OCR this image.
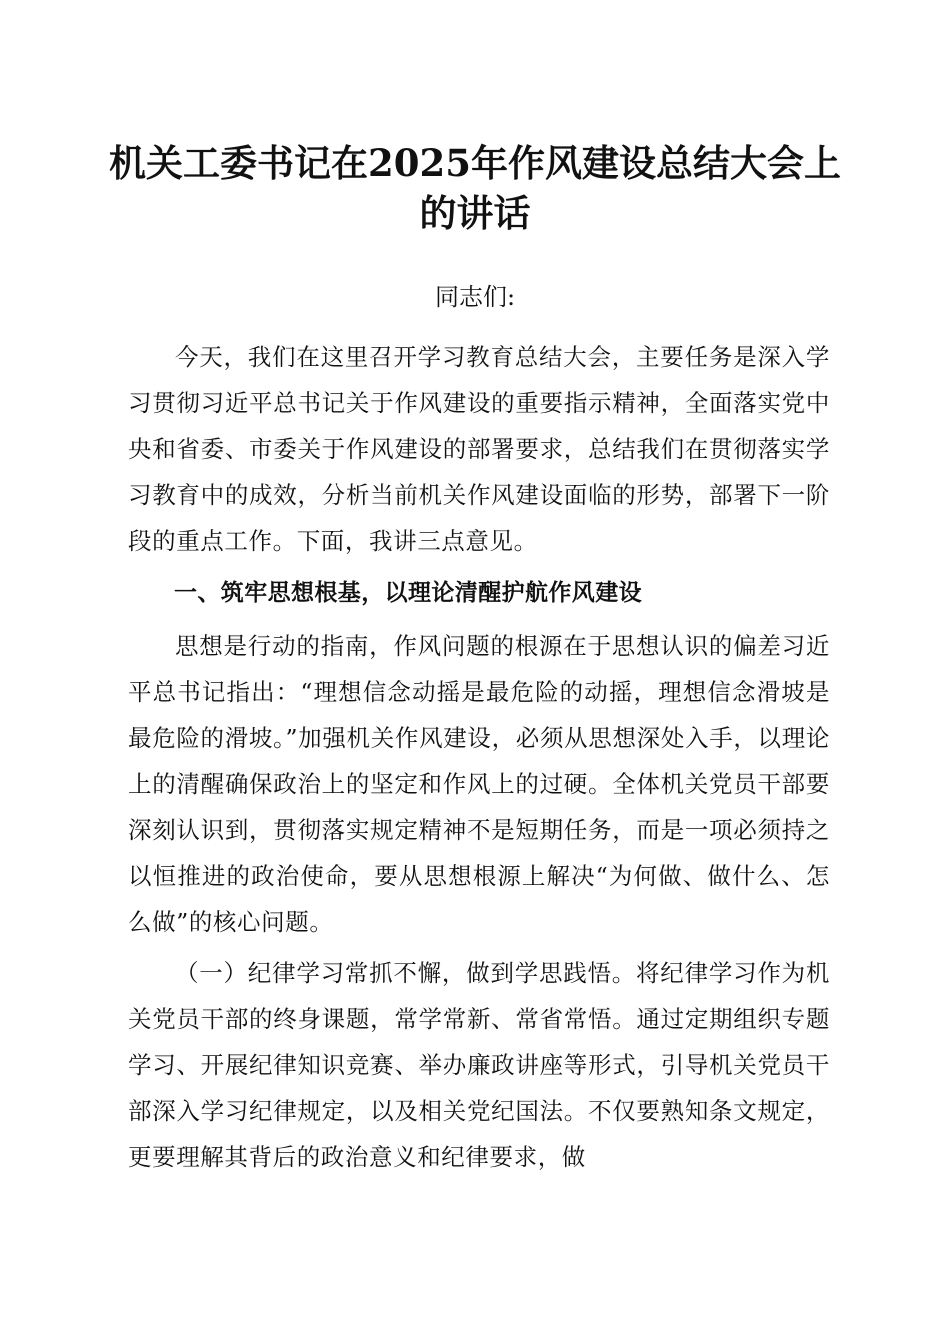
机关工委书记在2025年作风建设总结大会上的讲话

同志们:

今天，我们在这里召开学习教育总结大会，主要任务是深入学习贯彻习近平总书记关于作风建设的重要指示精神，全面落实党中央和省委、市委关于作风建设的部署要求，总结我们在贯彻落实学习教育中的成效，分析当前机关作风建设面临的形势，部署下一阶段的重点工作。下面，我讲三点意见。

一、筑牢思想根基，以理论清醒护航作风建设

思想是行动的指南，作风问题的根源在于思想认识的偏差习近平总书记指出：“理想信念动摇是最危险的动摇，理想信念滑坡是最危险的滑坡。”加强机关作风建设，必须从思想深处入手，以理论上的清醒确保政治上的坚定和作风上的过硬。全体机关党员干部要深刻认识到，贯彻落实规定精神不是短期任务，而是一项必须持之以恒推进的政治使命，要从思想根源上解决“为何做、做什么、怎么做”的核心问题。

（一）纪律学习常抓不懈，做到学思践悟。将纪律学习作为机关党员干部的终身课题，常学常新、常省常悟。通过定期组织专题学习、开展纪律知识竞赛、举办廉政讲座等形式，引导机关党员干部深入学习纪律规定，以及相关党纪国法。不仅要熟知条文规定，更要理解其背后的政治意义和纪律要求，做
